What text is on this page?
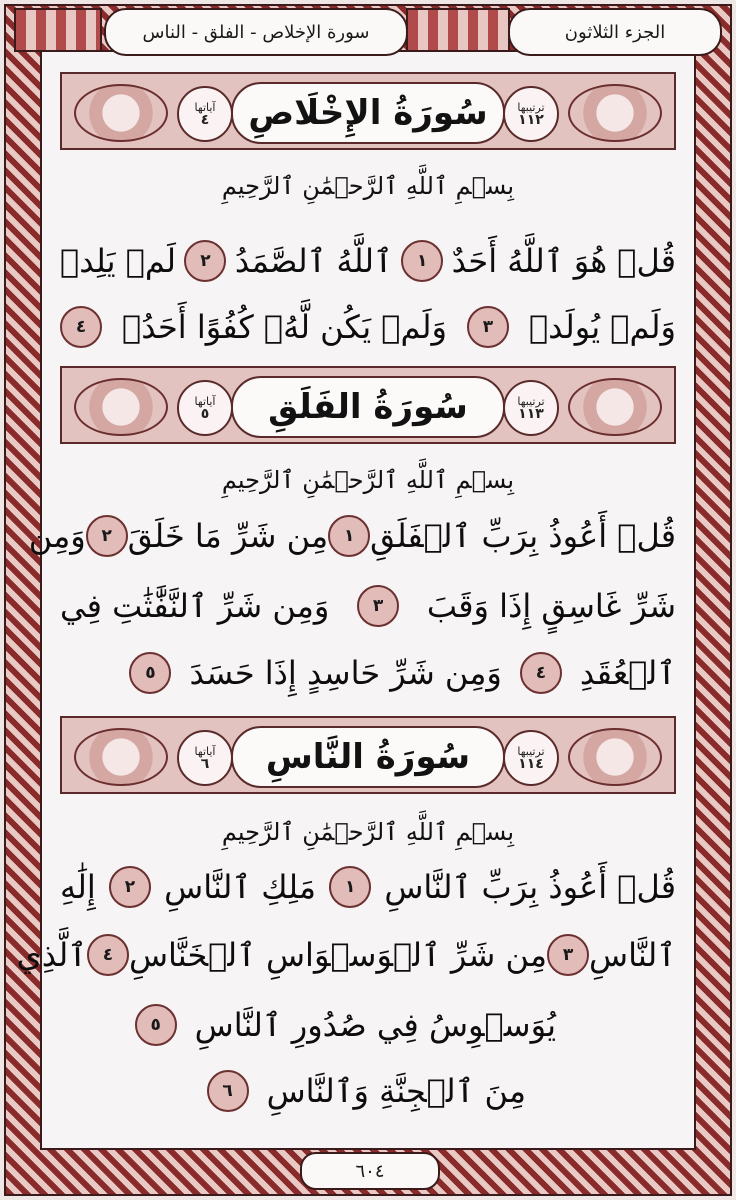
سورة الإخلاص - الفلق - الناس	الجزء الثلاثون
آياتها
٤	سُورَةُ الإِخْلَاصِ	ترتيبها
١١٢
بِسۡمِ ٱللَّهِ ٱلرَّحۡمَٰنِ ٱلرَّحِيمِ
قُلۡ هُوَ ٱللَّهُ أَحَدٌ
١
ٱللَّهُ ٱلصَّمَدُ
٢
لَمۡ يَلِدۡ
وَلَمۡ يُولَدۡ
٣
وَلَمۡ يَكُن لَّهُۥ كُفُوًا أَحَدُۢ
٤
آياتها
٥	سُورَةُ الفَلَقِ	ترتيبها
١١٣
بِسۡمِ ٱللَّهِ ٱلرَّحۡمَٰنِ ٱلرَّحِيمِ
قُلۡ أَعُوذُ بِرَبِّ ٱلۡفَلَقِ
١
مِن شَرِّ مَا خَلَقَ
٢
وَمِن
شَرِّ غَاسِقٍ إِذَا وَقَبَ
٣
وَمِن شَرِّ ٱلنَّفَّٰثَٰتِ فِي
ٱلۡعُقَدِ
٤
وَمِن شَرِّ حَاسِدٍ إِذَا حَسَدَ
٥
آياتها
٦	سُورَةُ النَّاسِ	ترتيبها
١١٤
بِسۡمِ ٱللَّهِ ٱلرَّحۡمَٰنِ ٱلرَّحِيمِ
قُلۡ أَعُوذُ بِرَبِّ ٱلنَّاسِ
١
مَلِكِ ٱلنَّاسِ
٢
إِلَٰهِ
ٱلنَّاسِ
٣
مِن شَرِّ ٱلۡوَسۡوَاسِ ٱلۡخَنَّاسِ
٤
ٱلَّذِي
يُوَسۡوِسُ فِي صُدُورِ ٱلنَّاسِ
٥
مِنَ ٱلۡجِنَّةِ وَٱلنَّاسِ
٦
٦٠٤
